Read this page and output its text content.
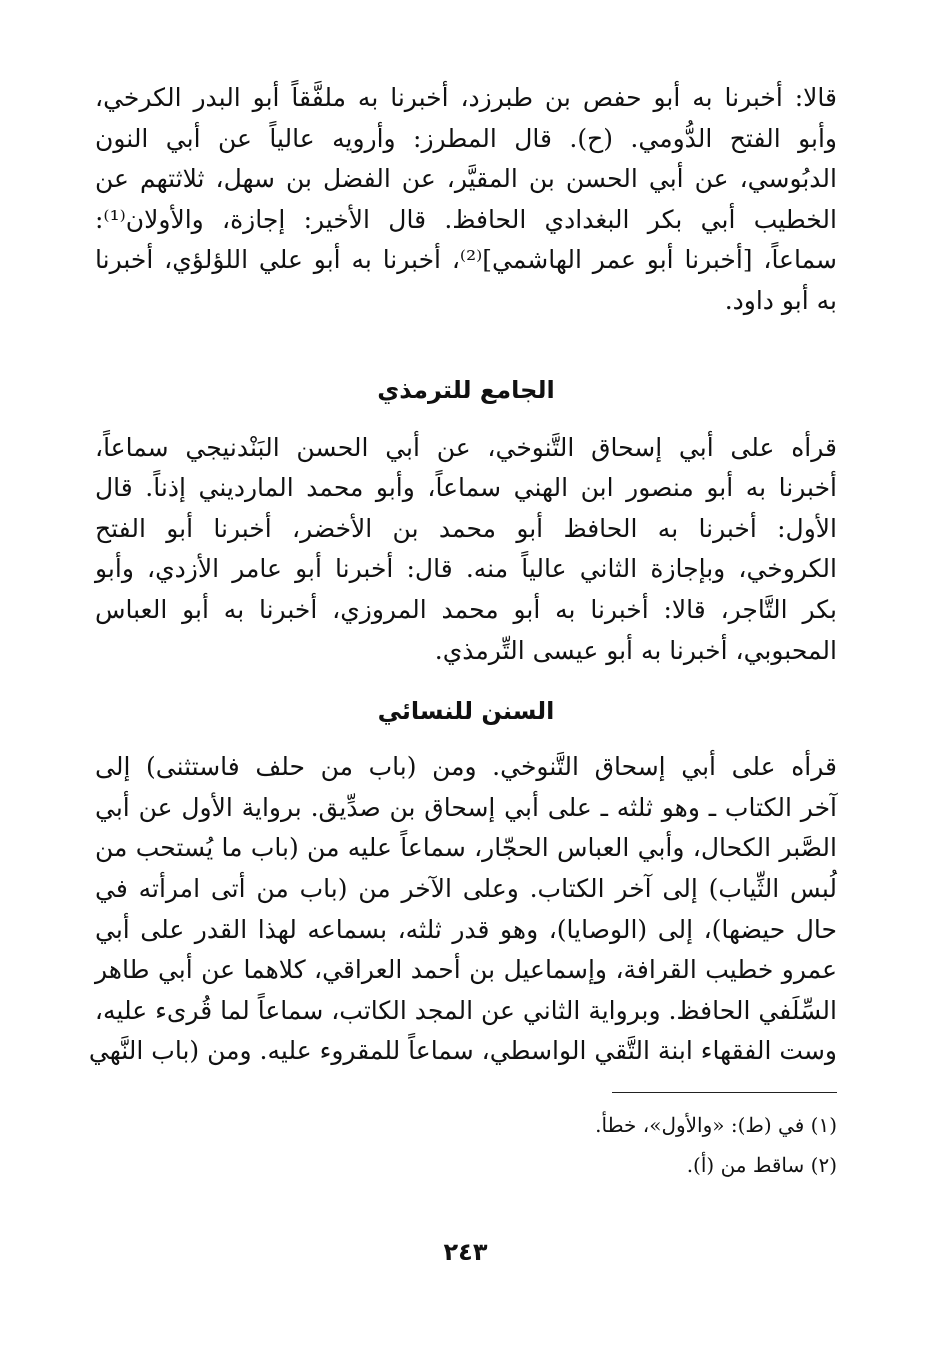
قالا: أخبرنا به أبو حفص بن طبرزد، أخبرنا به ملفَّقاً أبو البدر الكرخي،
وأبو الفتح الدُّومي. (ح). قال المطرز: وأرويه عالياً عن أبي النون
الدبُوسي، عن أبي الحسن بن المقيَّر، عن الفضل بن سهل، ثلاثتهم عن
الخطيب أبي بكر البغدادي الحافظ. قال الأخير: إجازة، والأولان⁽¹⁾:
سماعاً، [أخبرنا أبو عمر الهاشمي]⁽²⁾، أخبرنا به أبو علي اللؤلؤي، أخبرنا
به أبو داود.

الجامع للترمذي

قرأه على أبي إسحاق التَّنوخي، عن أبي الحسن البَنْدنيجي سماعاً،
أخبرنا به أبو منصور ابن الهني سماعاً، وأبو محمد المارديني إذناً. قال
الأول: أخبرنا به الحافظ أبو محمد بن الأخضر، أخبرنا أبو الفتح
الكروخي، وبإجازة الثاني عالياً منه. قال: أخبرنا أبو عامر الأزدي، وأبو
بكر التَّاجر، قالا: أخبرنا به أبو محمد المروزي، أخبرنا به أبو العباس
المحبوبي، أخبرنا به أبو عيسى التِّرمذي.

السنن للنسائي

قرأه على أبي إسحاق التَّنوخي. ومن (باب من حلف فاستثنى) إلى
آخر الكتاب ـ وهو ثلثه ـ على أبي إسحاق بن صدِّيق. برواية الأول عن أبي
الصَّبر الكحال، وأبي العباس الحجّار، سماعاً عليه من (باب ما يُستحب من
لُبس الثِّياب) إلى آخر الكتاب. وعلى الآخر من (باب من أتى امرأته في
حال حيضها)، إلى (الوصايا)، وهو قدر ثلثه، بسماعه لهذا القدر على أبي
عمرو خطيب القرافة، وإسماعيل بن أحمد العراقي، كلاهما عن أبي طاهر
السِّلَفي الحافظ. وبرواية الثاني عن المجد الكاتب، سماعاً لما قُرىء عليه،
وست الفقهاء ابنة التَّقي الواسطي، سماعاً للمقروء عليه. ومن (باب النَّهي

(١) في (ط): «والأول»، خطأ.
(٢) ساقط من (أ).
٢٤٣
